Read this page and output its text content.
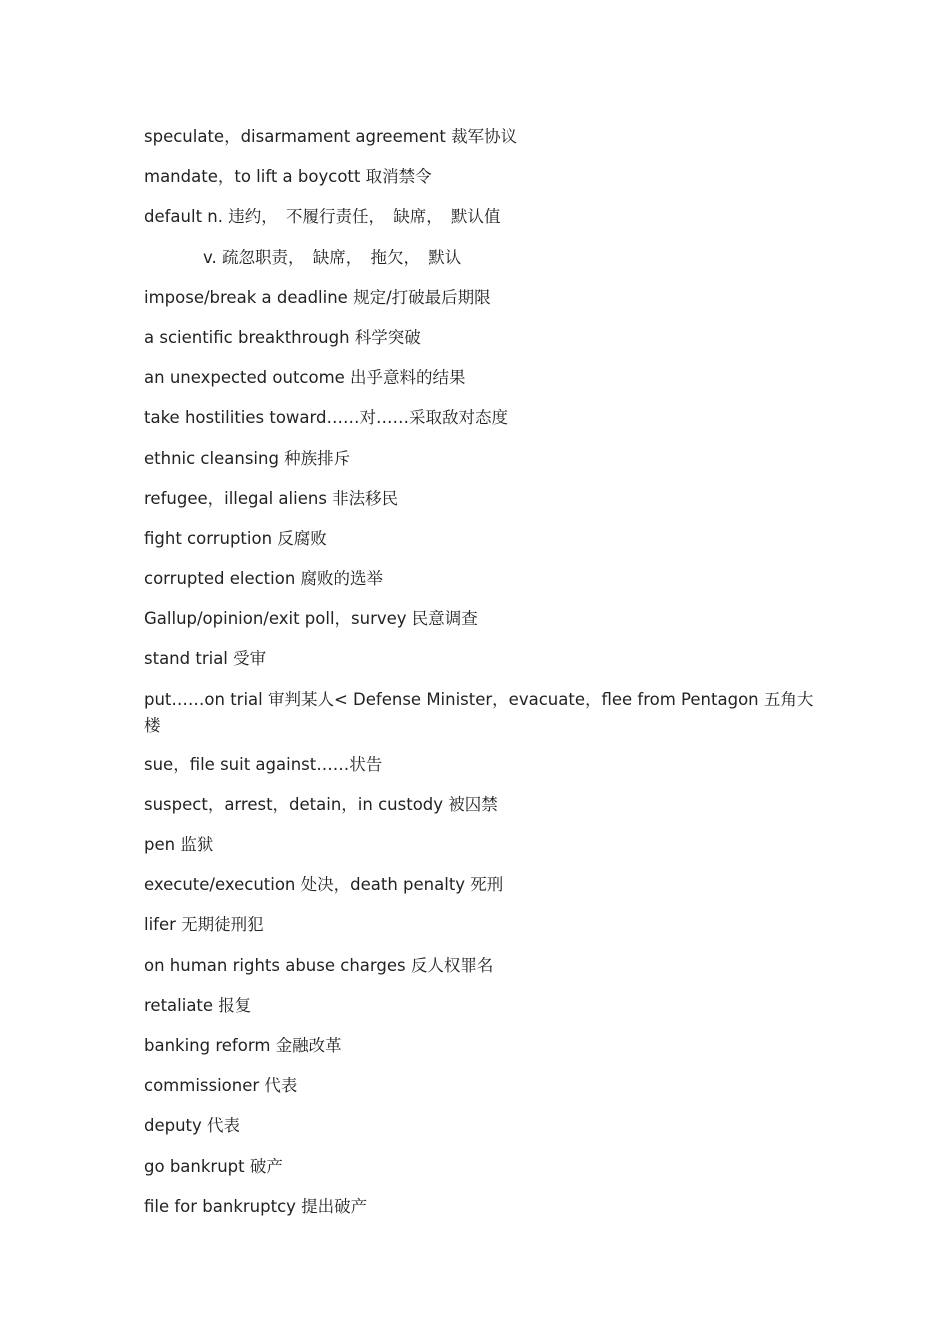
speculate，disarmament agreement 裁军协议
mandate，to lift a boycott 取消禁令
default n. 违约，　不履行责任，　缺席，　默认值
v. 疏忽职责，　缺席，　拖欠，　默认
impose/break a deadline 规定/打破最后期限
a scientific breakthrough 科学突破
an unexpected outcome 出乎意料的结果
take hostilities toward……对……采取敌对态度
ethnic cleansing 种族排斥
refugee，illegal aliens 非法移民
fight corruption 反腐败
corrupted election 腐败的选举
Gallup/opinion/exit poll，survey 民意调查
stand trial 受审
put……on trial 审判某人< Defense Minister，evacuate，flee from Pentagon 五角大楼
sue，file suit against……状告
suspect，arrest，detain，in custody 被囚禁
pen 监狱
execute/execution 处决，death penalty 死刑
lifer 无期徒刑犯
on human rights abuse charges 反人权罪名
retaliate 报复
banking reform 金融改革
commissioner 代表
deputy 代表
go bankrupt 破产
file for bankruptcy 提出破产
